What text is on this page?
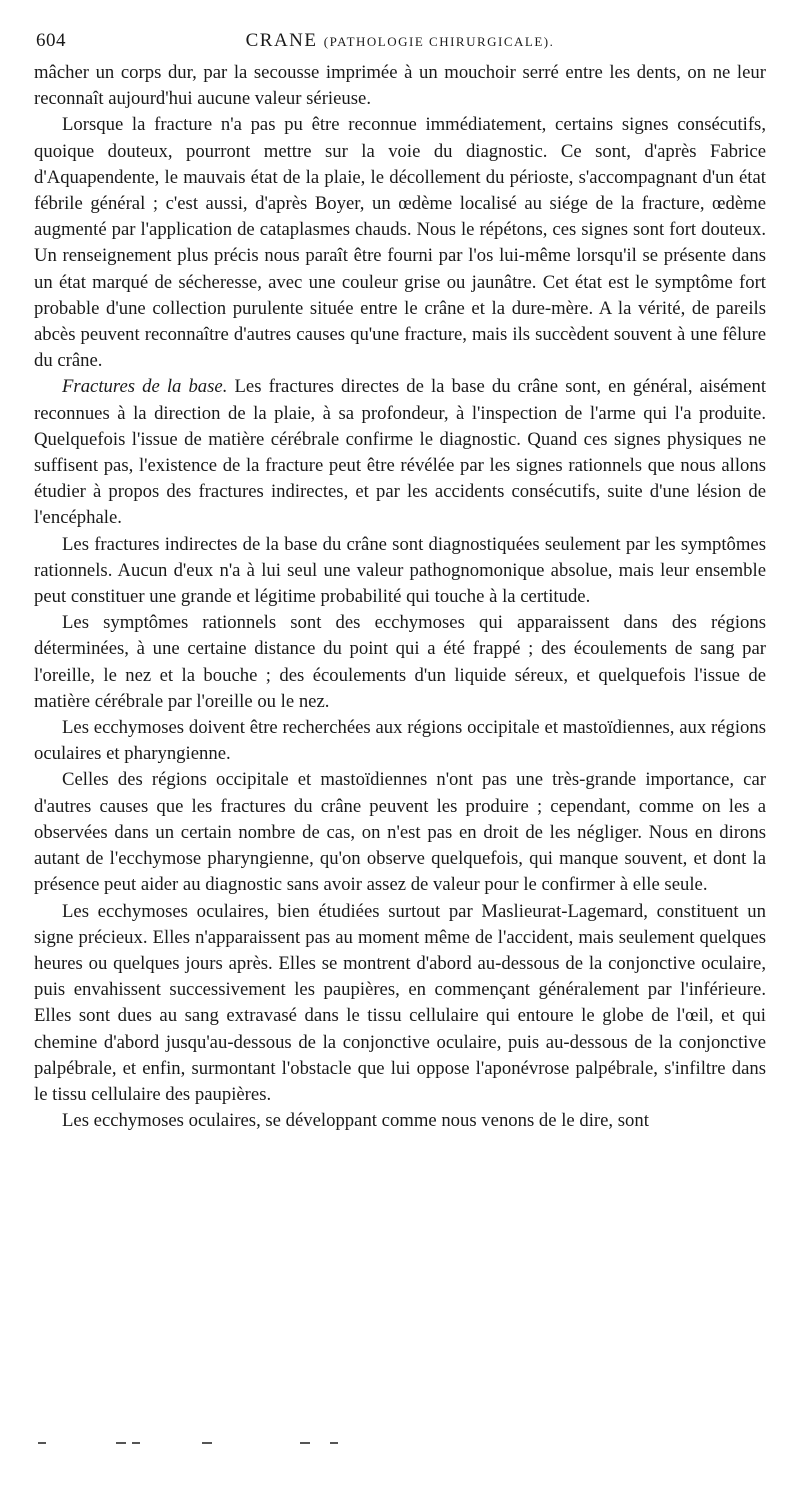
604	CRANE (PATHOLOGIE CHIRURGICALE).

mâcher un corps dur, par la secousse imprimée à un mouchoir serré entre les dents, on ne leur reconnaît aujourd'hui aucune valeur sérieuse.

Lorsque la fracture n'a pas pu être reconnue immédiatement, certains signes consécutifs, quoique douteux, pourront mettre sur la voie du diagnostic. Ce sont, d'après Fabrice d'Aquapendente, le mauvais état de la plaie, le décollement du périoste, s'accompagnant d'un état fébrile général ; c'est aussi, d'après Boyer, un œdème localisé au siége de la fracture, œdème augmenté par l'application de cataplasmes chauds. Nous le répétons, ces signes sont fort douteux. Un renseignement plus précis nous paraît être fourni par l'os lui-même lorsqu'il se présente dans un état marqué de sécheresse, avec une couleur grise ou jaunâtre. Cet état est le symptôme fort probable d'une collection purulente située entre le crâne et la dure-mère. A la vérité, de pareils abcès peuvent reconnaître d'autres causes qu'une fracture, mais ils succèdent souvent à une fêlure du crâne.

Fractures de la base. Les fractures directes de la base du crâne sont, en général, aisément reconnues à la direction de la plaie, à sa profondeur, à l'inspection de l'arme qui l'a produite. Quelquefois l'issue de matière cérébrale confirme le diagnostic. Quand ces signes physiques ne suffisent pas, l'existence de la fracture peut être révélée par les signes rationnels que nous allons étudier à propos des fractures indirectes, et par les accidents consécutifs, suite d'une lésion de l'encéphale.

Les fractures indirectes de la base du crâne sont diagnostiquées seulement par les symptômes rationnels. Aucun d'eux n'a à lui seul une valeur pathognomonique absolue, mais leur ensemble peut constituer une grande et légitime probabilité qui touche à la certitude.

Les symptômes rationnels sont des ecchymoses qui apparaissent dans des régions déterminées, à une certaine distance du point qui a été frappé ; des écoulements de sang par l'oreille, le nez et la bouche ; des écoulements d'un liquide séreux, et quelquefois l'issue de matière cérébrale par l'oreille ou le nez.

Les ecchymoses doivent être recherchées aux régions occipitale et mastoïdiennes, aux régions oculaires et pharyngienne.

Celles des régions occipitale et mastoïdiennes n'ont pas une très-grande importance, car d'autres causes que les fractures du crâne peuvent les produire ; cependant, comme on les a observées dans un certain nombre de cas, on n'est pas en droit de les négliger. Nous en dirons autant de l'ecchymose pharyngienne, qu'on observe quelquefois, qui manque souvent, et dont la présence peut aider au diagnostic sans avoir assez de valeur pour le confirmer à elle seule.

Les ecchymoses oculaires, bien étudiées surtout par Maslieurat-Lagemard, constituent un signe précieux. Elles n'apparaissent pas au moment même de l'accident, mais seulement quelques heures ou quelques jours après. Elles se montrent d'abord au-dessous de la conjonctive oculaire, puis envahissent successivement les paupières, en commençant généralement par l'inférieure. Elles sont dues au sang extravasé dans le tissu cellulaire qui entoure le globe de l'œil, et qui chemine d'abord jusqu'au-dessous de la conjonctive oculaire, puis au-dessous de la conjonctive palpébrale, et enfin, surmontant l'obstacle que lui oppose l'aponévrose palpébrale, s'infiltre dans le tissu cellulaire des paupières.

Les ecchymoses oculaires, se développant comme nous venons de le dire, sont
